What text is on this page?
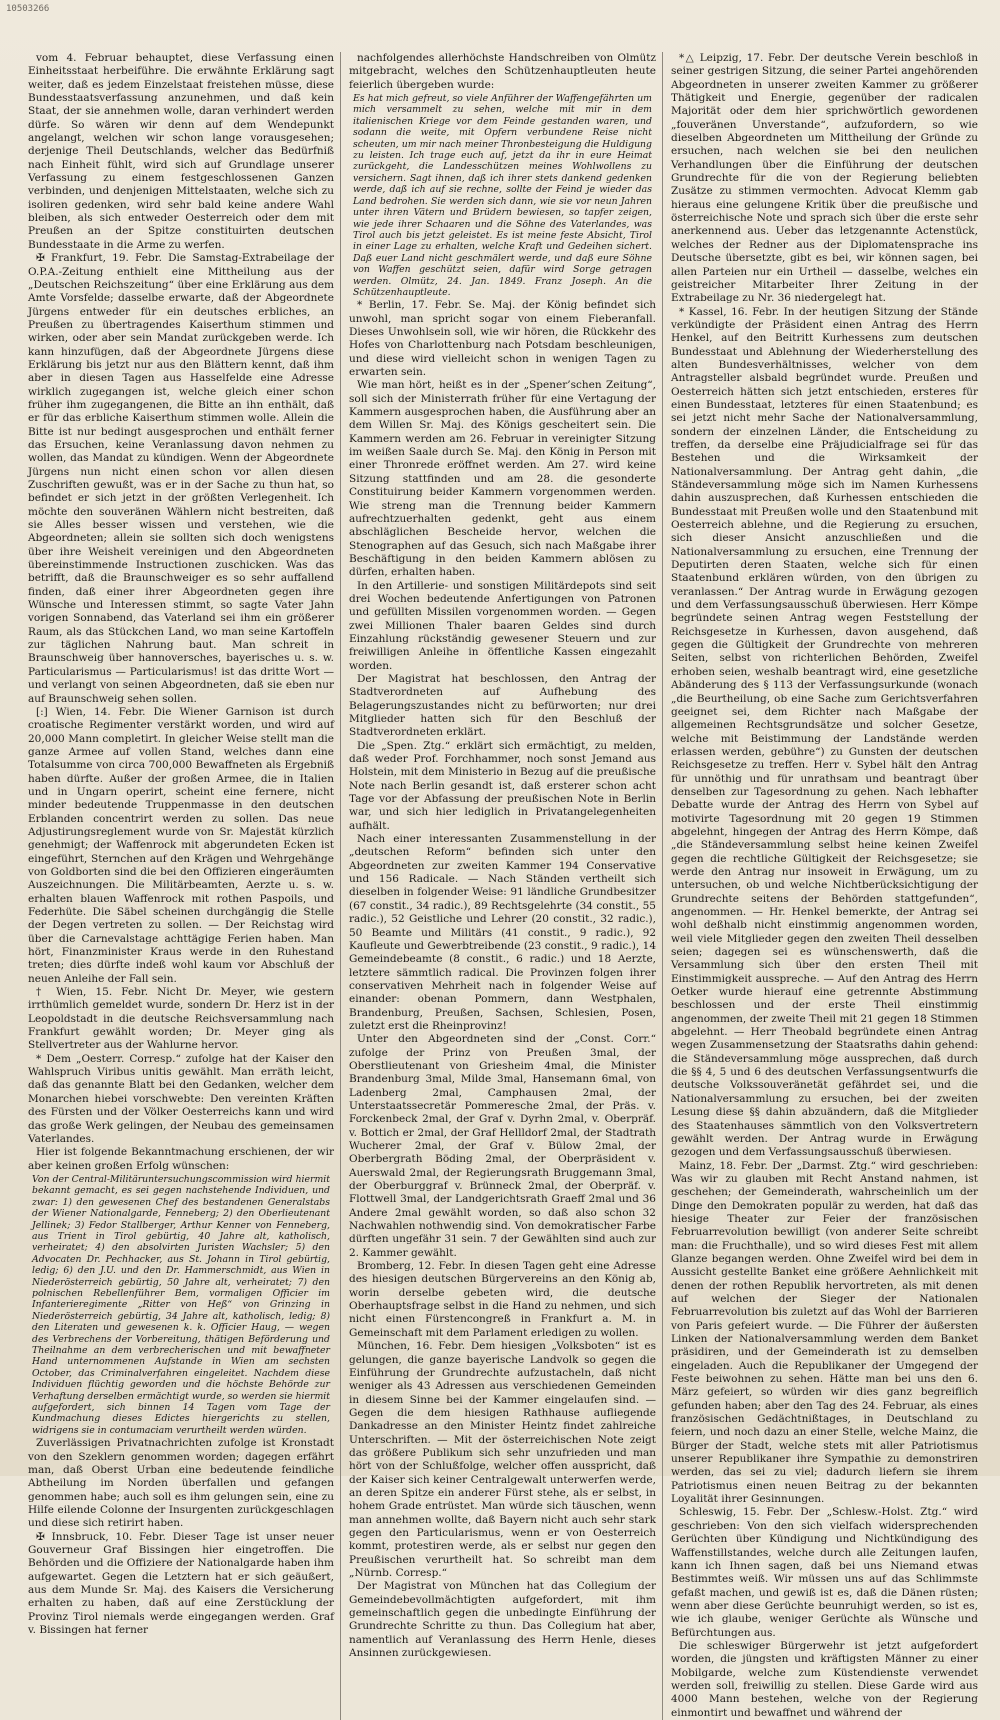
10503266

vom 4. Februar behauptet, diese Verfassung einen Einheitsstaat herbeiführe. Die erwähnte Erklärung sagt weiter, daß es jedem Einzelstaat freistehen müsse, diese Bundesstaatsverfassung anzunehmen, und daß kein Staat, der sie annehmen wolle, daran verhindert werden dürfe. So wären wir denn auf dem Wendepunkt angelangt, welchen wir schon lange vorausgesehen; derjenige Theil Deutschlands, welcher das Bedürfniß nach Einheit fühlt, wird sich auf Grundlage unserer Verfassung zu einem festgeschlossenen Ganzen verbinden, und denjenigen Mittelstaaten, welche sich zu isoliren gedenken, wird sehr bald keine andere Wahl bleiben, als sich entweder Oesterreich oder dem mit Preußen an der Spitze constituirten deutschen Bundesstaate in die Arme zu werfen.

✠ Frankfurt, 19. Febr. Die Samstag-Extrabeilage der O.P.A.-Zeitung enthielt eine Mittheilung aus der „Deutschen Reichszeitung“ über eine Erklärung aus dem Amte Vorsfelde; dasselbe erwarte, daß der Abgeordnete Jürgens entweder für ein deutsches erbliches, an Preußen zu übertragendes Kaiserthum stimmen und wirken, oder aber sein Mandat zurückgeben werde. Ich kann hinzufügen, daß der Abgeordnete Jürgens diese Erklärung bis jetzt nur aus den Blättern kennt, daß ihm aber in diesen Tagen aus Hasselfelde eine Adresse wirklich zugegangen ist, welche gleich einer schon früher ihm zugegangenen, die Bitte an ihn enthält, daß er für das erbliche Kaiserthum stimmen wolle. Allein die Bitte ist nur bedingt ausgesprochen und enthält ferner das Ersuchen, keine Veranlassung davon nehmen zu wollen, das Mandat zu kündigen. Wenn der Abgeordnete Jürgens nun nicht einen schon vor allen diesen Zuschriften gewußt, was er in der Sache zu thun hat, so befindet er sich jetzt in der größten Verlegenheit. Ich möchte den souveränen Wählern nicht bestreiten, daß sie Alles besser wissen und verstehen, wie die Abgeordneten; allein sie sollten sich doch wenigstens über ihre Weisheit vereinigen und den Abgeordneten übereinstimmende Instructionen zuschicken. Was das betrifft, daß die Braunschweiger es so sehr auffallend finden, daß einer ihrer Abgeordneten gegen ihre Wünsche und Interessen stimmt, so sagte Vater Jahn vorigen Sonnabend, das Vaterland sei ihm ein größerer Raum, als das Stückchen Land, wo man seine Kartoffeln zur täglichen Nahrung baut. Man schreit in Braunschweig über hannoversches, bayerisches u. s. w. Particularismus — Particularismus! ist das dritte Wort — und verlangt von seinen Abgeordneten, daß sie eben nur auf Braunschweig sehen sollen.

[:] Wien, 14. Febr. Die Wiener Garnison ist durch croatische Regimenter verstärkt worden, und wird auf 20,000 Mann completirt. In gleicher Weise stellt man die ganze Armee auf vollen Stand, welches dann eine Totalsumme von circa 700,000 Bewaffneten als Ergebniß haben dürfte. Außer der großen Armee, die in Italien und in Ungarn operirt, scheint eine fernere, nicht minder bedeutende Truppenmasse in den deutschen Erblanden concentrirt werden zu sollen. Das neue Adjustirungsreglement wurde von Sr. Majestät kürzlich genehmigt; der Waffenrock mit abgerundeten Ecken ist eingeführt, Sternchen auf den Krägen und Wehrgehänge von Goldborten sind die bei den Offizieren eingeräumten Auszeichnungen. Die Militärbeamten, Aerzte u. s. w. erhalten blauen Waffenrock mit rothen Paspoils, und Federhüte. Die Säbel scheinen durchgängig die Stelle der Degen vertreten zu sollen. — Der Reichstag wird über die Carnevalstage achttägige Ferien haben. Man hört, Finanzminister Kraus werde in den Ruhestand treten; dies dürfte indeß wohl kaum vor Abschluß der neuen Anleihe der Fall sein.

† Wien, 15. Febr. Nicht Dr. Meyer, wie gestern irrthümlich gemeldet wurde, sondern Dr. Herz ist in der Leopoldstadt in die deutsche Reichsversammlung nach Frankfurt gewählt worden; Dr. Meyer ging als Stellvertreter aus der Wahlurne hervor.

* Dem „Oesterr. Corresp.“ zufolge hat der Kaiser den Wahlspruch Viribus unitis gewählt. Man erräth leicht, daß das genannte Blatt bei den Gedanken, welcher dem Monarchen hiebei vorschwebte: Den vereinten Kräften des Fürsten und der Völker Oesterreichs kann und wird das große Werk gelingen, der Neubau des gemeinsamen Vaterlandes.

Hier ist folgende Bekanntmachung erschienen, der wir aber keinen großen Erfolg wünschen:

Von der Central-Militäruntersuchungscommission wird hiermit bekannt gemacht, es sei gegen nachstehende Individuen, und zwar: 1) den gewesenen Chef des bestandenen Generalstabs der Wiener Nationalgarde, Fenneberg; 2) den Oberlieutenant Jellinek; 3) Fedor Stallberger, Arthur Kenner von Fenneberg, aus Trient in Tirol gebürtig, 40 Jahre alt, katholisch, verheiratet; 4) den absolvirten Juristen Wachsler; 5) den Advocaten Dr. Pechhacker, aus St. Johann in Tirol gebürtig, ledig; 6) den J.U. und den Dr. Hammerschmidt, aus Wien in Niederösterreich gebürtig, 50 Jahre alt, verheiratet; 7) den polnischen Rebellenführer Bem, vormaligen Officier im Infanterieregimente „Ritter von Heß“ von Grinzing in Niederösterreich gebürtig, 34 Jahre alt, katholisch, ledig; 8) den Literaten und gewesenen k. k. Officier Haug, — wegen des Verbrechens der Vorbereitung, thätigen Beförderung und Theilnahme an dem verbrecherischen und mit bewaffneter Hand unternommenen Aufstande in Wien am sechsten October, das Criminalverfahren eingeleitet. Nachdem diese Individuen flüchtig geworden und die höchste Behörde zur Verhaftung derselben ermächtigt wurde, so werden sie hiermit aufgefordert, sich binnen 14 Tagen vom Tage der Kundmachung dieses Edictes hiergerichts zu stellen, widrigens sie in contumaciam verurtheilt werden würden.

Zuverlässigen Privatnachrichten zufolge ist Kronstadt von den Szeklern genommen worden; dagegen erfährt man, daß Oberst Urban eine bedeutende feindliche Abtheilung im Norden überfallen und gefangen genommen habe; auch soll es ihm gelungen sein, eine zu Hilfe eilende Colonne der Insurgenten zurückgeschlagen und diese sich retirirt haben.

✠ Innsbruck, 10. Febr. Dieser Tage ist unser neuer Gouverneur Graf Bissingen hier eingetroffen. Die Behörden und die Offiziere der Nationalgarde haben ihm aufgewartet. Gegen die Letztern hat er sich geäußert, aus dem Munde Sr. Maj. des Kaisers die Versicherung erhalten zu haben, daß auf eine Zerstücklung der Provinz Tirol niemals werde eingegangen werden. Graf v. Bissingen hat ferner

nachfolgendes allerhöchste Handschreiben von Olmütz mitgebracht, welches den Schützenhauptleuten heute feierlich übergeben wurde:

Es hat mich gefreut, so viele Anführer der Waffengefährten um mich versammelt zu sehen, welche mit mir in dem italienischen Kriege vor dem Feinde gestanden waren, und sodann die weite, mit Opfern verbundene Reise nicht scheuten, um mir nach meiner Thronbesteigung die Huldigung zu leisten. Ich trage euch auf, jetzt da ihr in eure Heimat zurückgeht, die Landesschützen meines Wohlwollens zu versichern. Sagt ihnen, daß ich ihrer stets dankend gedenken werde, daß ich auf sie rechne, sollte der Feind je wieder das Land bedrohen. Sie werden sich dann, wie sie vor neun Jahren unter ihren Vätern und Brüdern bewiesen, so tapfer zeigen, wie jede ihrer Schaaren und die Söhne des Vaterlandes, was Tirol auch bis jetzt geleistet. Es ist meine feste Absicht, Tirol in einer Lage zu erhalten, welche Kraft und Gedeihen sichert. Daß euer Land nicht geschmälert werde, und daß eure Söhne von Waffen geschützt seien, dafür wird Sorge getragen werden. Olmütz, 24. Jan. 1849. Franz Joseph. An die Schützenhauptleute.

* Berlin, 17. Febr. Se. Maj. der König befindet sich unwohl, man spricht sogar von einem Fieberanfall. Dieses Unwohlsein soll, wie wir hören, die Rückkehr des Hofes von Charlottenburg nach Potsdam beschleunigen, und diese wird vielleicht schon in wenigen Tagen zu erwarten sein.

Wie man hört, heißt es in der „Spener’schen Zeitung“, soll sich der Ministerrath früher für eine Vertagung der Kammern ausgesprochen haben, die Ausführung aber an dem Willen Sr. Maj. des Königs gescheitert sein. Die Kammern werden am 26. Februar in vereinigter Sitzung im weißen Saale durch Se. Maj. den König in Person mit einer Thronrede eröffnet werden. Am 27. wird keine Sitzung stattfinden und am 28. die gesonderte Constituirung beider Kammern vorgenommen werden. Wie streng man die Trennung beider Kammern aufrechtzuerhalten gedenkt, geht aus einem abschläglichen Bescheide hervor, welchen die Stenographen auf das Gesuch, sich nach Maßgabe ihrer Beschäftigung in den beiden Kammern ablösen zu dürfen, erhalten haben.

In den Artillerie- und sonstigen Militärdepots sind seit drei Wochen bedeutende Anfertigungen von Patronen und gefüllten Missilen vorgenommen worden. — Gegen zwei Millionen Thaler baaren Geldes sind durch Einzahlung rückständig gewesener Steuern und zur freiwilligen Anleihe in öffentliche Kassen eingezahlt worden.

Der Magistrat hat beschlossen, den Antrag der Stadtverordneten auf Aufhebung des Belagerungszustandes nicht zu befürworten; nur drei Mitglieder hatten sich für den Beschluß der Stadtverordneten erklärt.

Die „Spen. Ztg.“ erklärt sich ermächtigt, zu melden, daß weder Prof. Forchhammer, noch sonst Jemand aus Holstein, mit dem Ministerio in Bezug auf die preußische Note nach Berlin gesandt ist, daß ersterer schon acht Tage vor der Abfassung der preußischen Note in Berlin war, und sich hier lediglich in Privatangelegenheiten aufhält.

Nach einer interessanten Zusammenstellung in der „deutschen Reform“ befinden sich unter den Abgeordneten zur zweiten Kammer 194 Conservative und 156 Radicale. — Nach Ständen vertheilt sich dieselben in folgender Weise: 91 ländliche Grundbesitzer (67 constit., 34 radic.), 89 Rechtsgelehrte (34 constit., 55 radic.), 52 Geistliche und Lehrer (20 constit., 32 radic.), 50 Beamte und Militärs (41 constit., 9 radic.), 92 Kaufleute und Gewerbtreibende (23 constit., 9 radic.), 14 Gemeindebeamte (8 constit., 6 radic.) und 18 Aerzte, letztere sämmtlich radical. Die Provinzen folgen ihrer conservativen Mehrheit nach in folgender Weise auf einander: obenan Pommern, dann Westphalen, Brandenburg, Preußen, Sachsen, Schlesien, Posen, zuletzt erst die Rheinprovinz!

Unter den Abgeordneten sind der „Const. Corr.“ zufolge der Prinz von Preußen 3mal, der Oberstlieutenant von Griesheim 4mal, die Minister Brandenburg 3mal, Milde 3mal, Hansemann 6mal, von Ladenberg 2mal, Camphausen 2mal, der Unterstaatssecretär Pommeresche 2mal, der Präs. v. Forckenbeck 2mal, der Graf v. Dyrhn 2mal, v. Oberpräf. v. Bottich er 2mal, der Graf Hellldorf 2mal, der Stadtrath Wucherer 2mal, der Graf v. Bülow 2mal, der Oberbergrath Böding 2mal, der Oberpräsident v. Auerswald 2mal, der Regierungsrath Bruggemann 3mal, der Oberburggraf v. Brünneck 2mal, der Oberpräf. v. Flottwell 3mal, der Landgerichtsrath Graeff 2mal und 36 Andere 2mal gewählt worden, so daß also schon 32 Nachwahlen nothwendig sind. Von demokratischer Farbe dürften ungefähr 31 sein. 7 der Gewählten sind auch zur 2. Kammer gewählt.

Bromberg, 12. Febr. In diesen Tagen geht eine Adresse des hiesigen deutschen Bürgervereins an den König ab, worin derselbe gebeten wird, die deutsche Oberhauptsfrage selbst in die Hand zu nehmen, und sich nicht einen Fürstencongreß in Frankfurt a. M. in Gemeinschaft mit dem Parlament erledigen zu wollen.

München, 16. Febr. Dem hiesigen „Volksboten“ ist es gelungen, die ganze bayerische Landvolk so gegen die Einführung der Grundrechte aufzustacheln, daß nicht weniger als 43 Adressen aus verschiedenen Gemeinden in diesem Sinne bei der Kammer eingelaufen sind. — Gegen die dem hiesigen Rathhause aufliegende Dankadresse an den Minister Heintz findet zahlreiche Unterschriften. — Mit der österreichischen Note zeigt das größere Publikum sich sehr unzufrieden und man hört von der Schlußfolge, welcher offen ausspricht, daß der Kaiser sich keiner Centralgewalt unterwerfen werde, an deren Spitze ein anderer Fürst stehe, als er selbst, in hohem Grade entrüstet. Man würde sich täuschen, wenn man annehmen wollte, daß Bayern nicht auch sehr stark gegen den Particularismus, wenn er von Oesterreich kommt, protestiren werde, als er selbst nur gegen den Preußischen verurtheilt hat. So schreibt man dem „Nürnb. Corresp.“

Der Magistrat von München hat das Collegium der Gemeindebevollmächtigten aufgefordert, mit ihm gemeinschaftlich gegen die unbedingte Einführung der Grundrechte Schritte zu thun. Das Collegium hat aber, namentlich auf Veranlassung des Herrn Henle, dieses Ansinnen zurückgewiesen.

*△ Leipzig, 17. Febr. Der deutsche Verein beschloß in seiner gestrigen Sitzung, die seiner Partei angehörenden Abgeordneten in unserer zweiten Kammer zu größerer Thätigkeit und Energie, gegenüber der radicalen Majorität oder dem hier sprichwörtlich gewordenen „fouveränen Unverstande“, aufzufordern, so wie dieselben Abgeordneten um Mittheilung der Gründe zu ersuchen, nach welchen sie bei den neulichen Verhandlungen über die Einführung der deutschen Grundrechte für die von der Regierung beliebten Zusätze zu stimmen vermochten. Advocat Klemm gab hieraus eine gelungene Kritik über die preußische und österreichische Note und sprach sich über die erste sehr anerkennend aus. Ueber das letzgenannte Actenstück, welches der Redner aus der Diplomatensprache ins Deutsche übersetzte, gibt es bei, wir können sagen, bei allen Parteien nur ein Urtheil — dasselbe, welches ein geistreicher Mitarbeiter Ihrer Zeitung in der Extrabeilage zu Nr. 36 niedergelegt hat.

* Kassel, 16. Febr. In der heutigen Sitzung der Stände verkündigte der Präsident einen Antrag des Herrn Henkel, auf den Beitritt Kurhessens zum deutschen Bundesstaat und Ablehnung der Wiederherstellung des alten Bundesverhältnisses, welcher von dem Antragsteller alsbald begründet wurde. Preußen und Oesterreich hätten sich jetzt entschieden, ersteres für einen Bundesstaat, letzteres für einen Staatenbund; es sei jetzt nicht mehr Sache der Nationalversammlung, sondern der einzelnen Länder, die Entscheidung zu treffen, da derselbe eine Präjudicialfrage sei für das Bestehen und die Wirksamkeit der Nationalversammlung. Der Antrag geht dahin, „die Ständeversammlung möge sich im Namen Kurhessens dahin auszusprechen, daß Kurhessen entschieden die Bundesstaat mit Preußen wolle und den Staatenbund mit Oesterreich ablehne, und die Regierung zu ersuchen, sich dieser Ansicht anzuschließen und die Nationalversammlung zu ersuchen, eine Trennung der Deputirten deren Staaten, welche sich für einen Staatenbund erklären würden, von den übrigen zu veranlassen.“ Der Antrag wurde in Erwägung gezogen und dem Verfassungsausschuß überwiesen. Herr Kömpe begründete seinen Antrag wegen Feststellung der Reichsgesetze in Kurhessen, davon ausgehend, daß gegen die Gültigkeit der Grundrechte von mehreren Seiten, selbst von richterlichen Behörden, Zweifel erhoben seien, weshalb beantragt wird, eine gesetzliche Abänderung des § 113 der Verfassungsurkunde (wonach „die Beurtheilung, ob eine Sache zum Gerichtsverfahren geeignet sei, dem Richter nach Maßgabe der allgemeinen Rechtsgrundsätze und solcher Gesetze, welche mit Beistimmung der Landstände werden erlassen werden, gebühre“) zu Gunsten der deutschen Reichsgesetze zu treffen. Herr v. Sybel hält den Antrag für unnöthig und für unrathsam und beantragt über denselben zur Tagesordnung zu gehen. Nach lebhafter Debatte wurde der Antrag des Herrn von Sybel auf motivirte Tagesordnung mit 20 gegen 19 Stimmen abgelehnt, hingegen der Antrag des Herrn Kömpe, daß „die Ständeversammlung selbst heine keinen Zweifel gegen die rechtliche Gültigkeit der Reichsgesetze; sie werde den Antrag nur insoweit in Erwägung, um zu untersuchen, ob und welche Nichtberücksichtigung der Grundrechte seitens der Behörden stattgefunden“, angenommen. — Hr. Henkel bemerkte, der Antrag sei wohl deßhalb nicht einstimmig angenommen worden, weil viele Mitglieder gegen den zweiten Theil desselben seien; dagegen sei es wünschenswerth, daß die Versammlung sich über den ersten Theil mit Einstimmigkeit ausspreche. — Auf den Antrag des Herrn Oetker wurde hierauf eine getrennte Abstimmung beschlossen und der erste Theil einstimmig angenommen, der zweite Theil mit 21 gegen 18 Stimmen abgelehnt. — Herr Theobald begründete einen Antrag wegen Zusammensetzung der Staatsraths dahin gehend: die Ständeversammlung möge aussprechen, daß durch die §§ 4, 5 und 6 des deutschen Verfassungsentwurfs die deutsche Volkssouveränetät gefährdet sei, und die Nationalversammlung zu ersuchen, bei der zweiten Lesung diese §§ dahin abzuändern, daß die Mitglieder des Staatenhauses sämmtlich von den Volksvertretern gewählt werden. Der Antrag wurde in Erwägung gezogen und dem Verfassungsausschuß überwiesen.

Mainz, 18. Febr. Der „Darmst. Ztg.“ wird geschrieben: Was wir zu glauben mit Recht Anstand nahmen, ist geschehen; der Gemeinderath, wahrscheinlich um der Dinge den Demokraten populär zu werden, hat daß das hiesige Theater zur Feier der französischen Februarrevolution bewilligt (von anderer Seite schreibt man: die Fruchthalle), und so wird dieses Fest mit allem Glanze begangen werden. Ohne Zweifel wird bei dem in Aussicht gestellte Banket eine größere Aehnlichkeit mit denen der rothen Republik hervortreten, als mit denen auf welchen der Sieger der Nationalen Februarrevolution bis zuletzt auf das Wohl der Barrieren von Paris gefeiert wurde. — Die Führer der äußersten Linken der Nationalversammlung werden dem Banket präsidiren, und der Gemeinderath ist zu demselben eingeladen. Auch die Republikaner der Umgegend der Feste beiwohnen zu sehen. Hätte man bei uns den 6. März gefeiert, so würden wir dies ganz begreiflich gefunden haben; aber den Tag des 24. Februar, als eines französischen Gedächtnißtages, in Deutschland zu feiern, und noch dazu an einer Stelle, welche Mainz, die Bürger der Stadt, welche stets mit aller Patriotismus unserer Republikaner ihre Sympathie zu demonstriren werden, das sei zu viel; dadurch liefern sie ihrem Patriotismus einen neuen Beitrag zu der bekannten Loyalität ihrer Gesinnungen.

Schleswig, 15. Febr. Der „Schlesw.-Holst. Ztg.“ wird geschrieben: Von den sich vielfach widersprechenden Gerüchten über Kündigung und Nichtkündigung des Waffenstillstandes, welche durch alle Zeitungen laufen, kann ich Ihnen sagen, daß bei uns Niemand etwas Bestimmtes weiß. Wir müssen uns auf das Schlimmste gefaßt machen, und gewiß ist es, daß die Dänen rüsten; wenn aber diese Gerüchte beunruhigt werden, so ist es, wie ich glaube, weniger Gerüchte als Wünsche und Befürchtungen aus.

Die schleswiger Bürgerwehr ist jetzt aufgefordert worden, die jüngsten und kräftigsten Männer zu einer Mobilgarde, welche zum Küstendienste verwendet werden soll, freiwillig zu stellen. Diese Garde wird aus 4000 Mann bestehen, welche von der Regierung einmontirt und bewaffnet und während der
